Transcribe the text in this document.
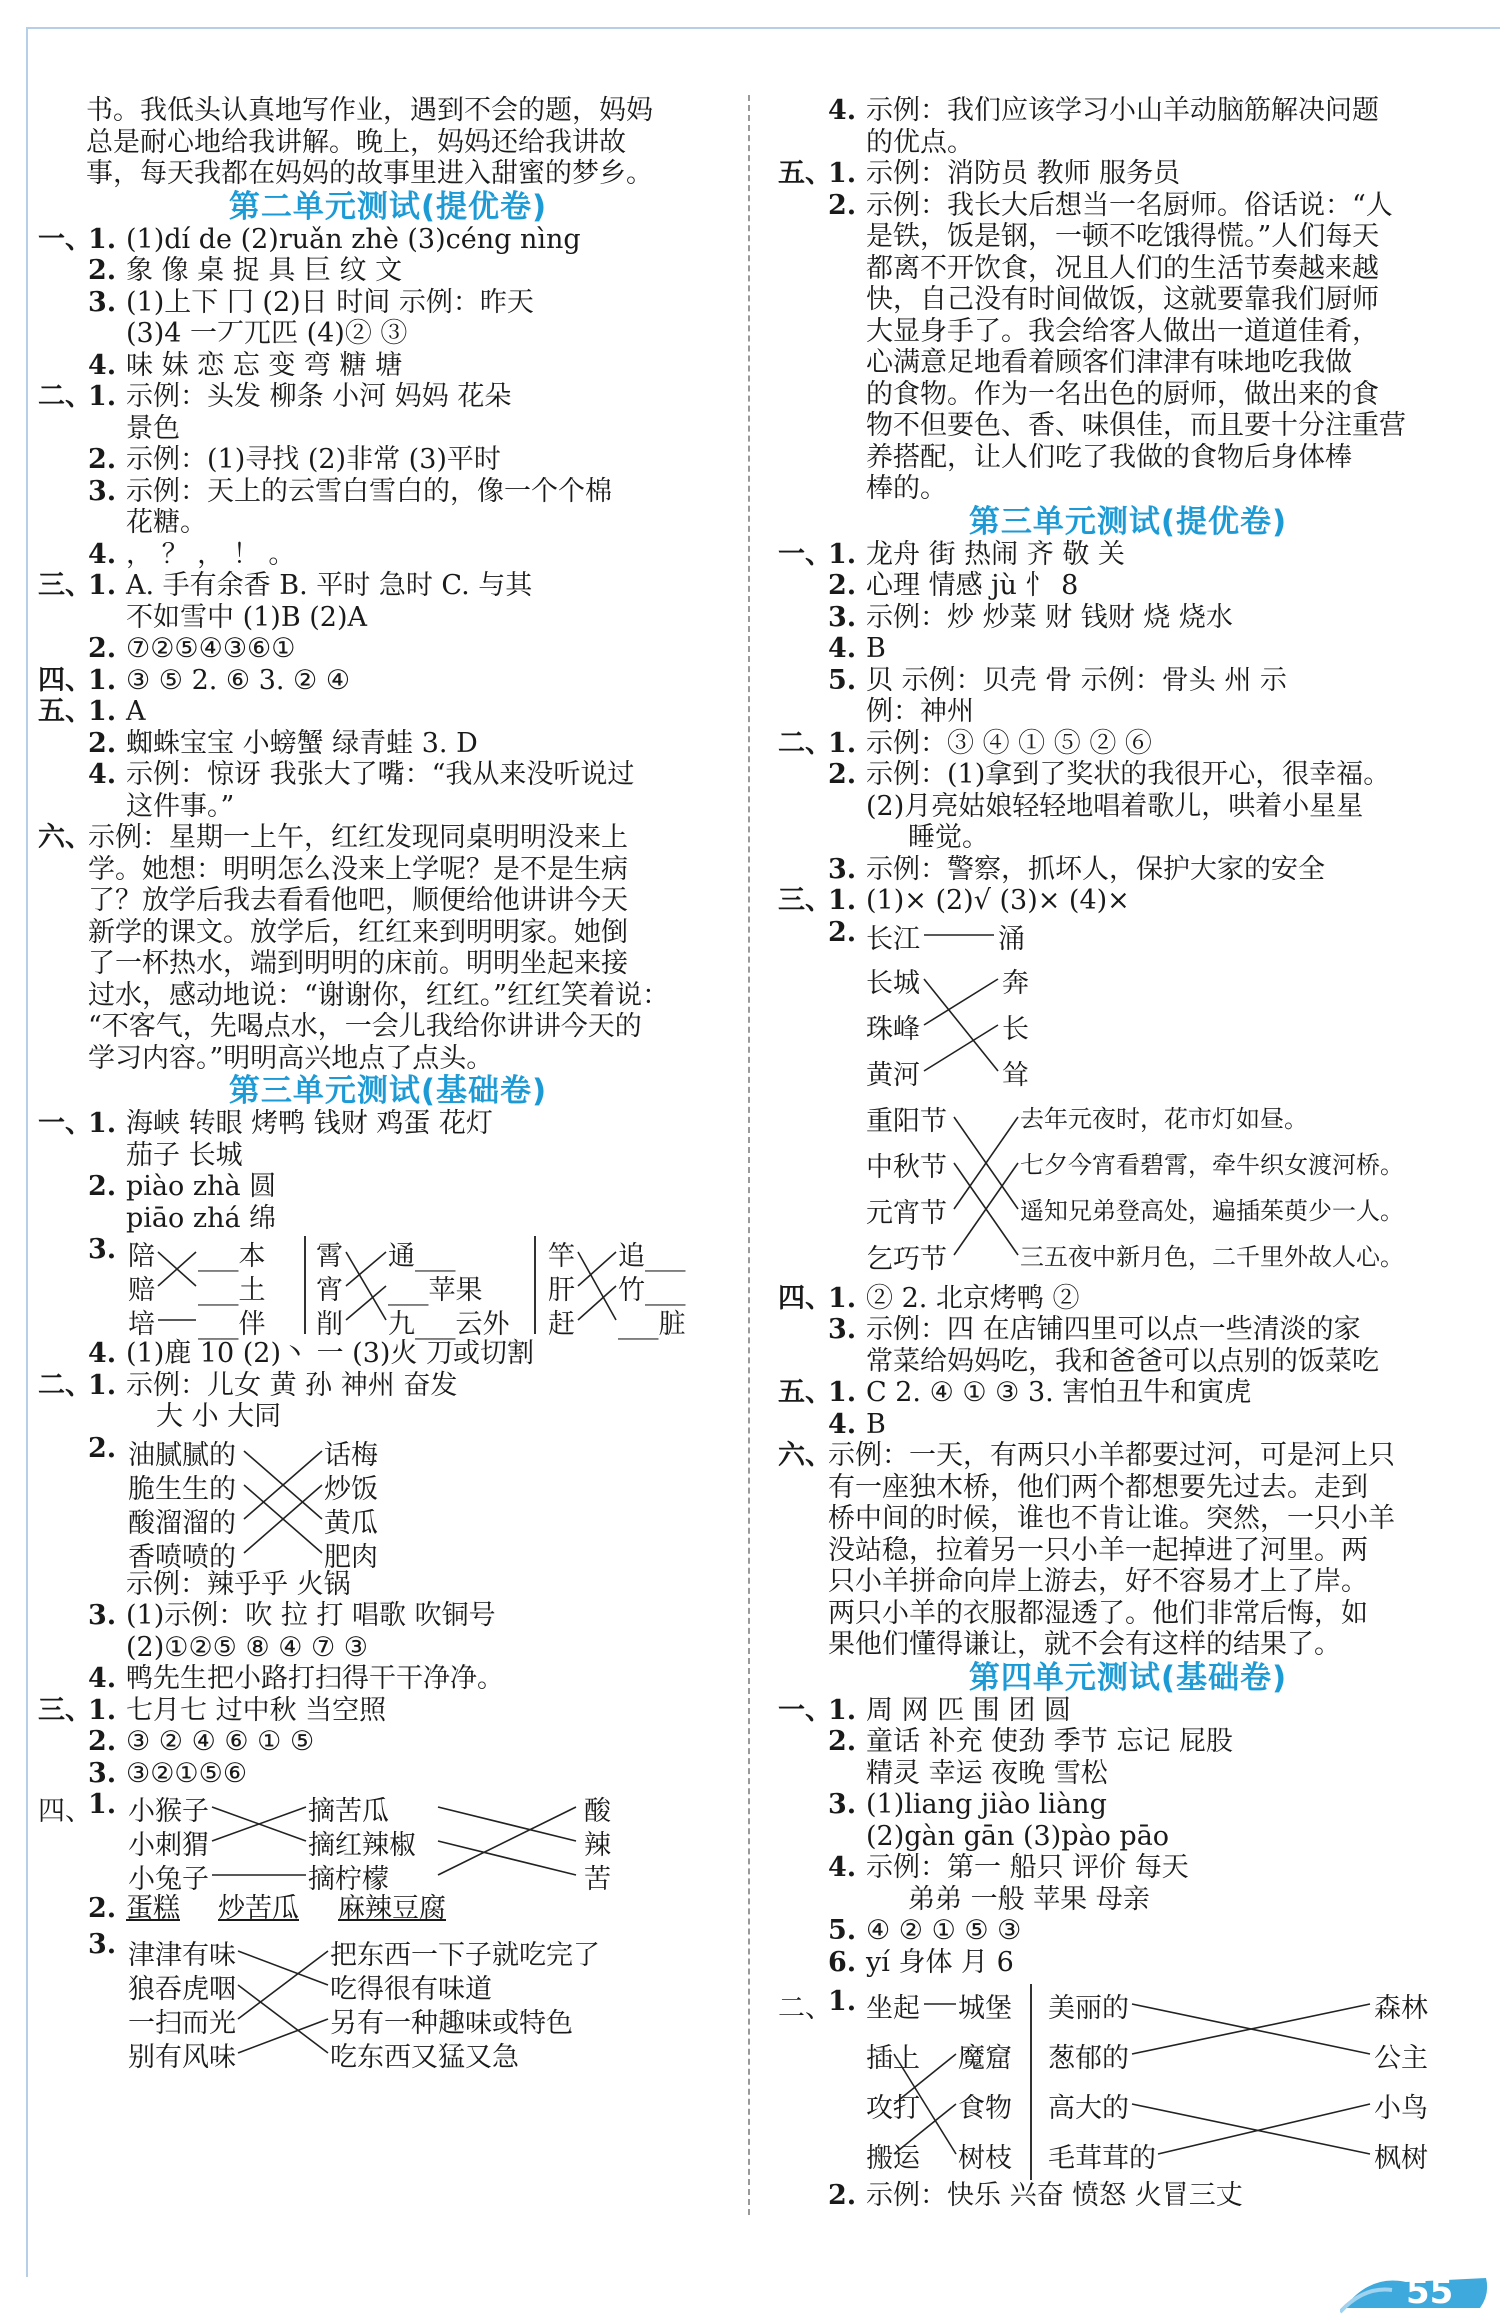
书。我低头认真地写作业，遇到不会的题，妈妈
总是耐心地给我讲解。晚上，妈妈还给我讲故
事，每天我都在妈妈的故事里进入甜蜜的梦乡。
第二单元测试(提优卷)
一、
1. (1)dí de (2)ruǎn zhè (3)céng nìng
2. 象 像 桌 捉 具 巨 纹 文
3. (1)上下 ⼌ (2)日 时间 示例：昨天
(3)4 一丆兀匹 (4)② ③
4. 味 妹 恋 忘 变 弯 糖 塘
二、
1. 示例：头发 柳条 小河 妈妈 花朵
景色
2. 示例：(1)寻找 (2)非常 (3)平时
3. 示例：天上的云雪白雪白的，像一个个棉
花糖。
4. ， ？ ， ！ 。
三、
1. A. 手有余香 B. 平时 急时 C. 与其
不如雪中 (1)B (2)A
2. ⑦②⑤④③⑥①
四、
1. ③ ⑤ 2. ⑥ 3. ② ④
五、
1. A
2. 蜘蛛宝宝 小螃蟹 绿青蛙 3. D
4. 示例：惊讶 我张大了嘴：“我从来没听说过
这件事。”
六、
示例：星期一上午，红红发现同桌明明没来上
学。她想：明明怎么没来上学呢？是不是生病
了？放学后我去看看他吧，顺便给他讲讲今天
新学的课文。放学后，红红来到明明家。她倒
了一杯热水，端到明明的床前。明明坐起来接
过水，感动地说：“谢谢你，红红。”红红笑着说：
“不客气，先喝点水，一会儿我给你讲讲今天的
学习内容。”明明高兴地点了点头。
第三单元测试(基础卷)
一、
1. 海峡 转眼 烤鸭 钱财 鸡蛋 花灯
茄子 长城
2. piào zhà 圆
piāo zhá 绵
3. 陪
赔
培
___本
___土
___伴
霄
宵
削
通___
___苹果
九___云外
竿
肝
赶
追___
竹___
___脏
4. (1)鹿 10 (2)丶 一 (3)火 刀或切割
二、
1. 示例：儿女 黄 孙 神州 奋发
大 小 大同
2. 油腻腻的
脆生生的
酸溜溜的
香喷喷的
话梅
炒饭
黄瓜
肥肉
示例：辣乎乎 火锅
3. (1)示例：吹 拉 打 唱歌 吹铜号
(2)①②⑤ ⑧ ④ ⑦ ③
4. 鸭先生把小路打扫得干干净净。
三、
1. 七月七 过中秋 当空照
2. ③ ② ④ ⑥ ① ⑤
3. ③②①⑤⑥
四、
1. 小猴子
小刺猬
小兔子
摘苦瓜
摘红辣椒
摘柠檬
酸
辣
苦
2. 蛋糕 炒苦瓜 麻辣豆腐
3. 津津有味
狼吞虎咽
一扫而光
别有风味
把东西一下子就吃完了
吃得很有味道
另有一种趣味或特色
吃东西又猛又急
4. 示例：我们应该学习小山羊动脑筋解决问题
的优点。
五、
1. 示例：消防员 教师 服务员
2. 示例：我长大后想当一名厨师。俗话说：“人
是铁，饭是钢，一顿不吃饿得慌。”人们每天
都离不开饮食，况且人们的生活节奏越来越
快，自己没有时间做饭，这就要靠我们厨师
大显身手了。我会给客人做出一道道佳肴，
心满意足地看着顾客们津津有味地吃我做
的食物。作为一名出色的厨师，做出来的食
物不但要色、香、味俱佳，而且要十分注重营
养搭配，让人们吃了我做的食物后身体棒
棒的。
第三单元测试(提优卷)
一、
1. 龙舟 街 热闹 齐 敬 关
2. 心理 情感 jù 忄 8
3. 示例：炒 炒菜 财 钱财 烧 烧水
4. B
5. 贝 示例：贝壳 骨 示例：骨头 州 示
例：神州
二、
1. 示例：③ ④ ① ⑤ ② ⑥
2. 示例：(1)拿到了奖状的我很开心，很幸福。
(2)月亮姑娘轻轻地唱着歌儿，哄着小星星
睡觉。
3. 示例：警察，抓坏人，保护大家的安全
三、
1. (1)× (2)√ (3)× (4)×
2. 长江	涌
长城
珠峰
黄河
奔
长
耸
重阳节
中秋节
元宵节
乞巧节
去年元夜时，花市灯如昼。
七夕今宵看碧霄，牵牛织女渡河桥。
遥知兄弟登高处，遍插茱萸少一人。
三五夜中新月色，二千里外故人心。
四、
1. ② 2. 北京烤鸭 ②
3. 示例：四 在店铺四里可以点一些清淡的家
常菜给妈妈吃，我和爸爸可以点别的饭菜吃
五、
1. C 2. ④ ① ③ 3. 害怕丑牛和寅虎
4. B
六、
示例：一天，有两只小羊都要过河，可是河上只
有一座独木桥，他们两个都想要先过去。走到
桥中间的时候，谁也不肯让谁。突然，一只小羊
没站稳，拉着另一只小羊一起掉进了河里。两
只小羊拼命向岸上游去，好不容易才上了岸。
两只小羊的衣服都湿透了。他们非常后悔，如
果他们懂得谦让，就不会有这样的结果了。
第四单元测试(基础卷)
一、
1. 周 网 匹 围 团 圆
2. 童话 补充 使劲 季节 忘记 屁股
精灵 幸运 夜晚 雪松
3. (1)liang jiào liàng
(2)gàn gān (3)pào pāo
4. 示例：第一 船只 评价 每天
弟弟 一般 苹果 母亲
5. ④ ② ① ⑤ ③
6. yí 身体 月 6
二、
1. 坐起
插上
攻打
搬运
城堡
魔窟
食物
树枝
美丽的
葱郁的
高大的
毛茸茸的
森林
公主
小鸟
枫树
2. 示例：快乐 兴奋 愤怒 火冒三丈
55
